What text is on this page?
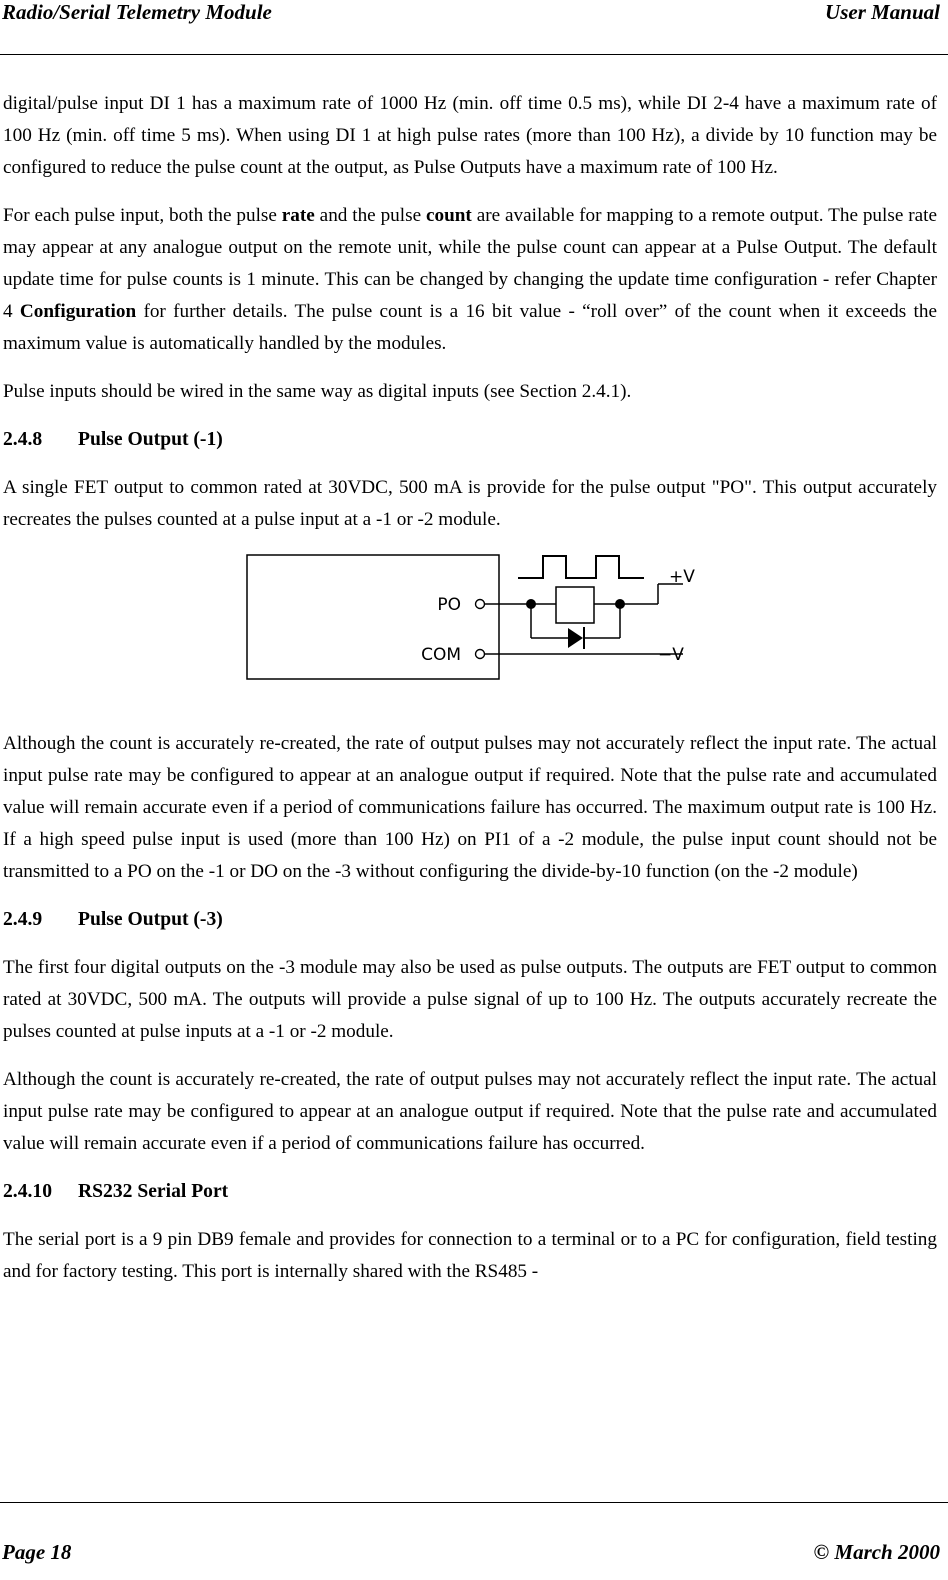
Radio/Serial Telemetry Module	User Manual

digital/pulse input DI 1 has a maximum rate of 1000 Hz (min. off time 0.5 ms), while DI 2-4 have a maximum rate of 100 Hz (min. off time 5 ms). When using DI 1 at high pulse rates (more than 100 Hz), a divide by 10 function may be configured to reduce the pulse count at the output, as Pulse Outputs have a maximum rate of 100 Hz.

For each pulse input, both the pulse rate and the pulse count are available for mapping to a remote output. The pulse rate may appear at any analogue output on the remote unit, while the pulse count can appear at a Pulse Output. The default update time for pulse counts is 1 minute. This can be changed by changing the update time configuration - refer Chapter 4 Configuration for further details. The pulse count is a 16 bit value - “roll over” of the count when it exceeds the maximum value is automatically handled by the modules.

Pulse inputs should be wired in the same way as digital inputs (see Section 2.4.1).

2.4.8 Pulse Output (-1)

A single FET output to common rated at 30VDC, 500 mA is provide for the pulse output "PO". This output accurately recreates the pulses counted at a pulse input at a -1 or -2 module.

PO
COM
+V
−V

Although the count is accurately re-created, the rate of output pulses may not accurately reflect the input rate. The actual input pulse rate may be configured to appear at an analogue output if required. Note that the pulse rate and accumulated value will remain accurate even if a period of communications failure has occurred. The maximum output rate is 100 Hz. If a high speed pulse input is used (more than 100 Hz) on PI1 of a -2 module, the pulse input count should not be transmitted to a PO on the -1 or DO on the -3 without configuring the divide-by-10 function (on the -2 module)

2.4.9 Pulse Output (-3)

The first four digital outputs on the -3 module may also be used as pulse outputs. The outputs are FET output to common rated at 30VDC, 500 mA. The outputs will provide a pulse signal of up to 100 Hz. The outputs accurately recreate the pulses counted at pulse inputs at a -1 or -2 module.

Although the count is accurately re-created, the rate of output pulses may not accurately reflect the input rate. The actual input pulse rate may be configured to appear at an analogue output if required. Note that the pulse rate and accumulated value will remain accurate even if a period of communications failure has occurred.

2.4.10 RS232 Serial Port

The serial port is a 9 pin DB9 female and provides for connection to a terminal or to a PC for configuration, field testing and for factory testing. This port is internally shared with the RS485 -

Page 18	© March 2000
